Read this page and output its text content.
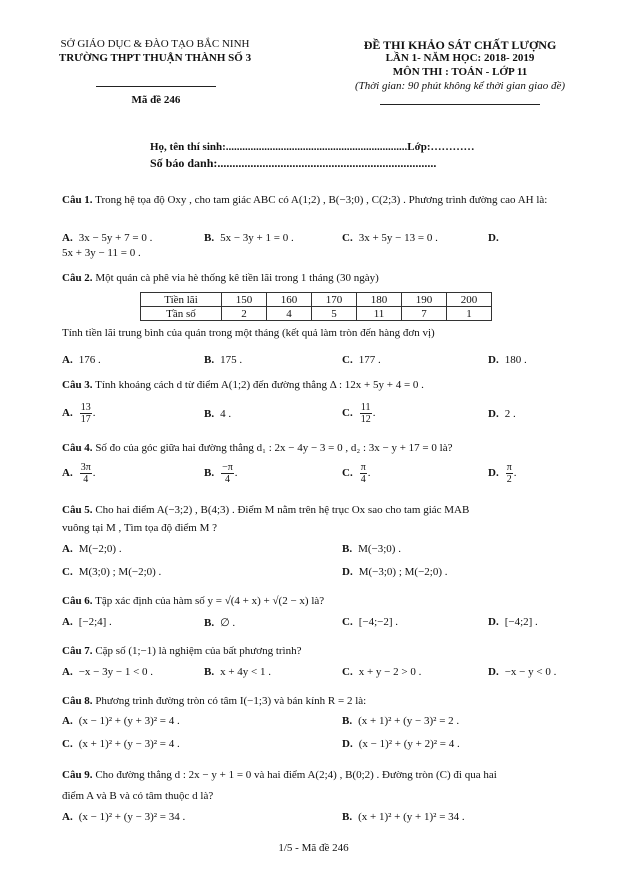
SỞ GIÁO DỤC & ĐÀO TẠO BẮC NINH
TRƯỜNG THPT THUẬN THÀNH SỐ 3
Mã đề 246
ĐỀ THI KHẢO SÁT CHẤT LƯỢNG
LẦN 1- NĂM HỌC: 2018- 2019
MÔN THI : TOÁN - LỚP 11
(Thời gian: 90 phút không kể thời gian giao đề)
Họ, tên thí sinh:..................................................................Lớp:…………
Số báo danh:.........................................................................
Câu 1. Trong hệ tọa độ Oxy , cho tam giác ABC có A(1;2) , B(−3;0) , C(2;3) . Phương trình đường cao AH là:
A. 3x − 5y + 7 = 0 .	B. 5x − 3y + 1 = 0 .	C. 3x + 5y − 13 = 0 .	D.
5x + 3y − 11 = 0 .
Câu 2. Một quán cà phê via hè thống kê tiền lãi trong 1 tháng (30 ngày)
Tiền lãi	150	160	170	180	190	200
Tần số	2	4	5	11	7	1
Tính tiền lãi trung bình của quán trong một tháng (kết quả làm tròn đến hàng đơn vị)
A. 176 .	B. 175 .	C. 177 .	D. 180 .
Câu 3. Tính khoảng cách d từ điểm A(1;2) đến đường thẳng Δ : 12x + 5y + 4 = 0 .
A. $\frac{13}{17}$ .	B. 4 .	C. $\frac{11}{12}$ .	D. 2 .
Câu 4. Số đo của góc giữa hai đường thẳng d₁ : 2x − 4y − 3 = 0 , d₂ : 3x − y + 17 = 0 là?
A. $\frac{3\pi}{4}$ .	B. $\frac{-\pi}{4}$ .	C. $\frac{\pi}{4}$ .	D. $\frac{\pi}{2}$ .
Câu 5. Cho hai điểm A(−3;2) , B(4;3) . Điểm M nằm trên hệ trục Ox sao cho tam giác MAB
vuông tại M , Tìm tọa độ điểm M ?
A. M(−2;0) .	B. M(−3;0) .
C. M(3;0) ; M(−2;0) .	D. M(−3;0) ; M(−2;0) .
Câu 6. Tập xác định của hàm số y = √(4 + x) + √(2 − x) là?
A. [−2;4] .	B. ∅ .	C. [−4;−2] .	D. [−4;2] .
Câu 7. Cặp số (1;−1) là nghiệm của bất phương trình?
A. −x − 3y − 1 < 0 .	B. x + 4y < 1 .	C. x + y − 2 > 0 .	D. −x − y < 0 .
Câu 8. Phương trình đường tròn có tâm I(−1;3) và bán kính R = 2 là:
A. (x − 1)² + (y + 3)² = 4 .	B. (x + 1)² + (y − 3)² = 2 .
C. (x + 1)² + (y − 3)² = 4 .	D. (x − 1)² + (y + 2)² = 4 .
Câu 9. Cho đường thẳng d : 2x − y + 1 = 0 và hai điểm A(2;4) , B(0;2) . Đường tròn (C) đi qua hai
điểm A và B và có tâm thuộc d là?
A. (x − 1)² + (y − 3)² = 34 .	B. (x + 1)² + (y + 1)² = 34 .
1/5 - Mã đề 246
